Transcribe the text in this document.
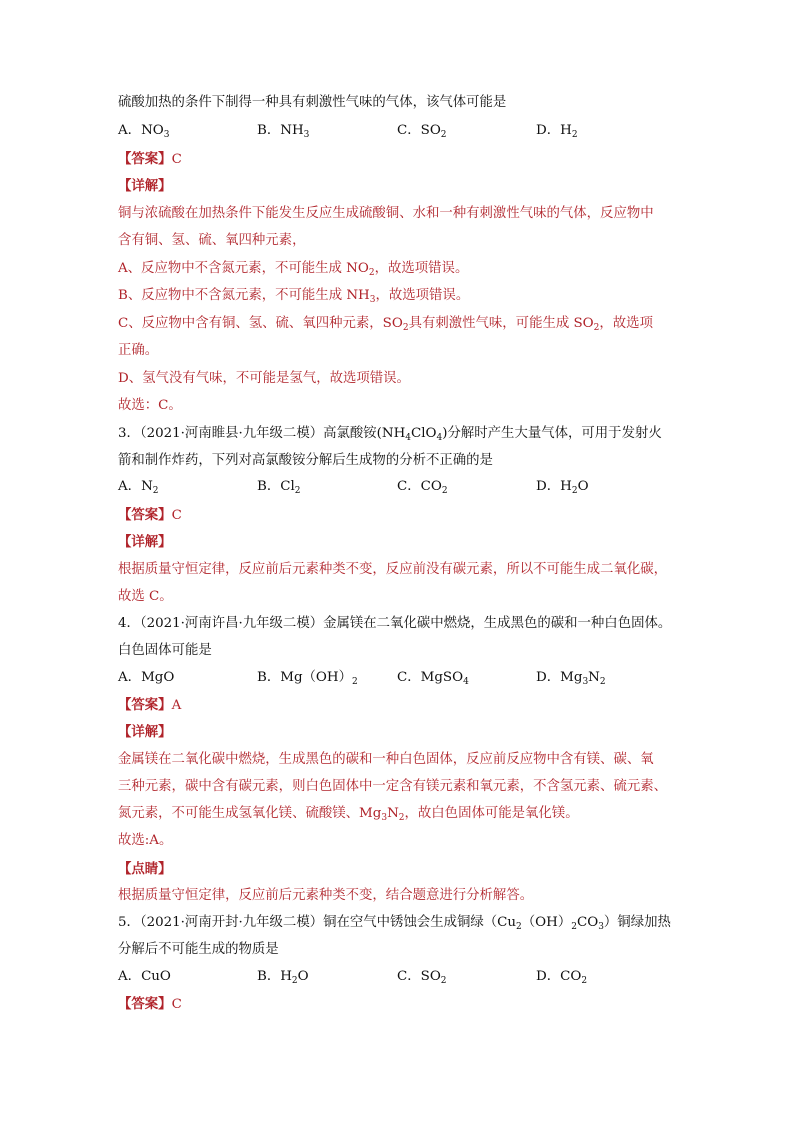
硫酸加热的条件下制得一种具有刺激性气味的气体，该气体可能是
A．$NO_3$	B．$NH_3$	C．$SO_2$	D．$H_2$
【答案】C
【详解】
铜与浓硫酸在加热条件下能发生反应生成硫酸铜、水和一种有刺激性气味的气体，反应物中
含有铜、氢、硫、氧四种元素，
A、反应物中不含氮元素，不可能生成 $NO_2$，故选项错误。
B、反应物中不含氮元素，不可能生成 $NH_3$，故选项错误。
C、反应物中含有铜、氢、硫、氧四种元素，$SO_2$具有刺激性气味，可能生成 $SO_2$，故选项
正确。
D、氢气没有气味，不可能是氢气，故选项错误。
故选：C。
3．（2021·河南睢县·九年级二模）高氯酸铵$(NH_4ClO_4)$分解时产生大量气体，可用于发射火
箭和制作炸药，下列对高氯酸铵分解后生成物的分析不正确的是
A．$N_2$	B．$Cl_2$	C．$CO_2$	D．$H_2O$
【答案】C
【详解】
根据质量守恒定律，反应前后元素种类不变，反应前没有碳元素，所以不可能生成二氧化碳，
故选 C。
4．（2021·河南许昌·九年级二模）金属镁在二氧化碳中燃烧，生成黑色的碳和一种白色固体。
白色固体可能是
A．MgO	B．$Mg(OH)_2$	C．MgSO$_4$	D．$Mg_3N_2$
【答案】A
【详解】
金属镁在二氧化碳中燃烧，生成黑色的碳和一种白色固体，反应前反应物中含有镁、碳、氧
三种元素，碳中含有碳元素，则白色固体中一定含有镁元素和氧元素，不含氢元素、硫元素、
氮元素，不可能生成氢氧化镁、硫酸镁、$Mg_3N_2$，故白色固体可能是氧化镁。
故选:A。
【点睛】
根据质量守恒定律，反应前后元素种类不变，结合题意进行分析解答。
5．（2021·河南开封·九年级二模）铜在空气中锈蚀会生成铜绿$(Cu_2(OH)_2CO_3)$铜绿加热
分解后不可能生成的物质是
A．CuO	B．$H_2O$	C．$SO_2$	D．$CO_2$
【答案】C
